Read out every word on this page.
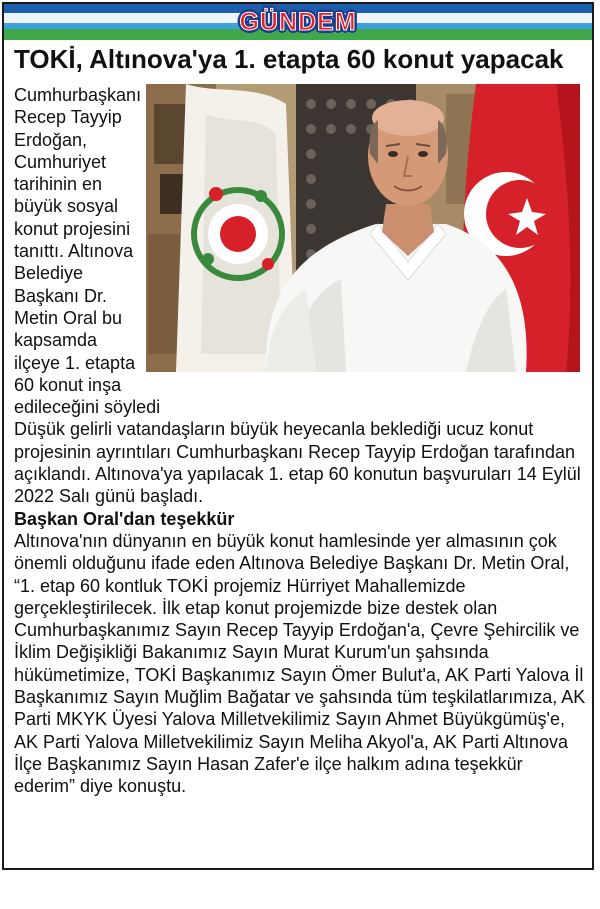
GÜNDEM
TOKİ, Altınova'ya 1. etapta 60 konut yapacak

Cumhurbaşkanı Recep Tayyip Erdoğan, Cumhuriyet tarihinin en büyük sosyal konut projesini tanıttı. Altınova Belediye Başkanı Dr. Metin Oral bu kapsamda ilçeye 1. etapta 60 konut inşa edileceğini söyledi

Düşük gelirli vatandaşların büyük heyecanla beklediği ucuz konut projesinin ayrıntıları Cumhurbaşkanı Recep Tayyip Erdoğan tarafından açıklandı. Altınova'ya yapılacak 1. etap 60 konutun başvuruları 14 Eylül 2022 Salı günü başladı.

Başkan Oral'dan teşekkür

Altınova'nın dünyanın en büyük konut hamlesinde yer almasının çok önemli olduğunu ifade eden Altınova Belediye Başkanı Dr. Metin Oral, “1. etap 60 kontluk TOKİ projemiz Hürriyet Mahallemizde gerçekleştirilecek. İlk etap konut projemizde bize destek olan Cumhurbaşkanımız Sayın Recep Tayyip Erdoğan'a, Çevre Şehircilik ve İklim Değişikliği Bakanımız Sayın Murat Kurum'un şahsında hükümetimize, TOKİ Başkanımız Sayın Ömer Bulut'a, AK Parti Yalova İl Başkanımız Sayın Muğlim Bağatar ve şahsında tüm teşkilatlarımıza, AK Parti MKYK Üyesi Yalova Milletvekilimiz Sayın Ahmet Büyükgümüş'e, AK Parti Yalova Milletvekilimiz Sayın Meliha Akyol'a, AK Parti Altınova İlçe Başkanımız Sayın Hasan Zafer'e ilçe halkım adına teşekkür ederim” diye konuştu.
